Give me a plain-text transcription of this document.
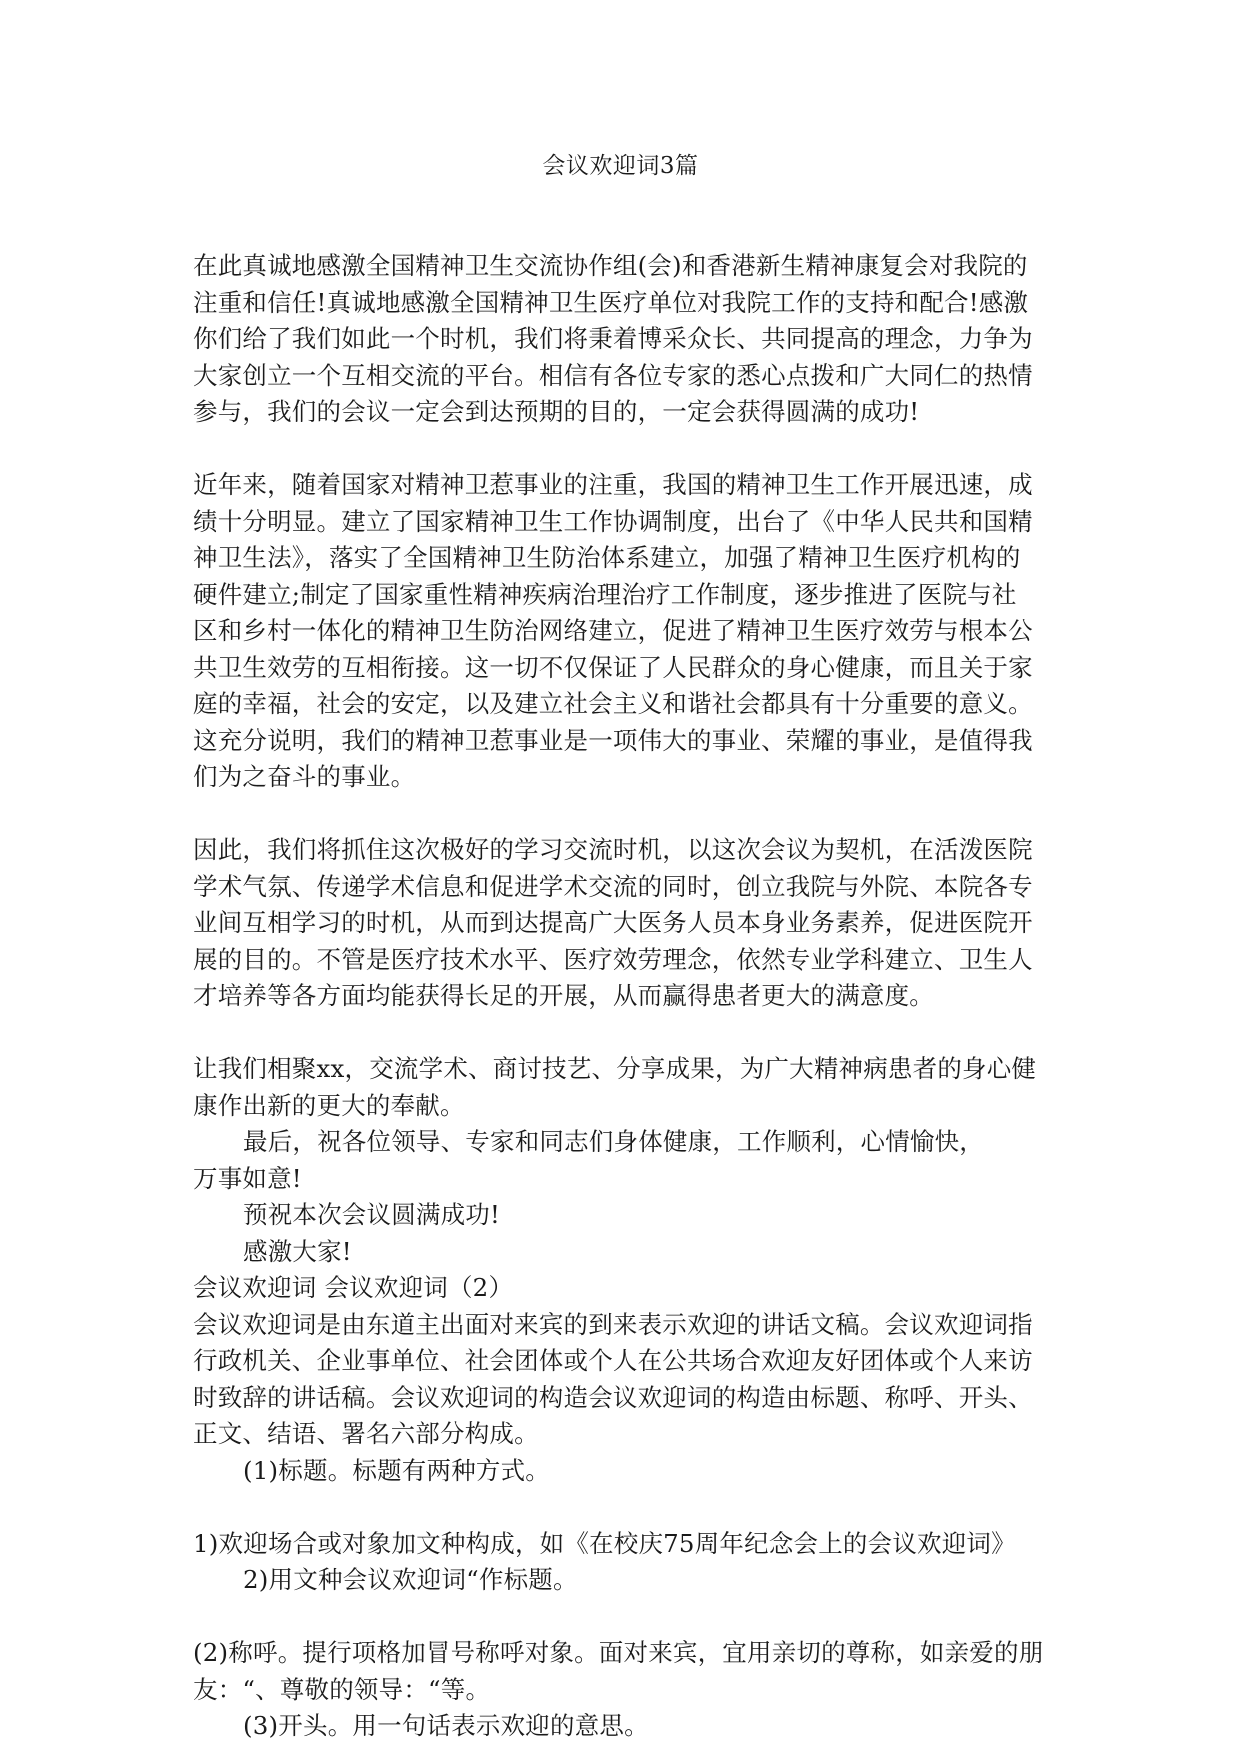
会议欢迎词3篇
在此真诚地感激全国精神卫生交流协作组(会)和香港新生精神康复会对我院的
注重和信任!真诚地感激全国精神卫生医疗单位对我院工作的支持和配合!感激
你们给了我们如此一个时机，我们将秉着博采众长、共同提高的理念，力争为
大家创立一个互相交流的平台。相信有各位专家的悉心点拨和广大同仁的热情
参与，我们的会议一定会到达预期的目的，一定会获得圆满的成功!
近年来，随着国家对精神卫惹事业的注重，我国的精神卫生工作开展迅速，成
绩十分明显。建立了国家精神卫生工作协调制度，出台了《中华人民共和国精
神卫生法》，落实了全国精神卫生防治体系建立，加强了精神卫生医疗机构的
硬件建立;制定了国家重性精神疾病治理治疗工作制度，逐步推进了医院与社
区和乡村一体化的精神卫生防治网络建立，促进了精神卫生医疗效劳与根本公
共卫生效劳的互相衔接。这一切不仅保证了人民群众的身心健康，而且关于家
庭的幸福，社会的安定，以及建立社会主义和谐社会都具有十分重要的意义。
这充分说明，我们的精神卫惹事业是一项伟大的事业、荣耀的事业，是值得我
们为之奋斗的事业。
因此，我们将抓住这次极好的学习交流时机，以这次会议为契机，在活泼医院
学术气氛、传递学术信息和促进学术交流的同时，创立我院与外院、本院各专
业间互相学习的时机，从而到达提高广大医务人员本身业务素养，促进医院开
展的目的。不管是医疗技术水平、医疗效劳理念，依然专业学科建立、卫生人
才培养等各方面均能获得长足的开展，从而赢得患者更大的满意度。
让我们相聚xx，交流学术、商讨技艺、分享成果，为广大精神病患者的身心健
康作出新的更大的奉献。
最后，祝各位领导、专家和同志们身体健康，工作顺利，心情愉快，
万事如意!
预祝本次会议圆满成功!
感激大家!
会议欢迎词 会议欢迎词（2）
会议欢迎词是由东道主出面对来宾的到来表示欢迎的讲话文稿。会议欢迎词指
行政机关、企业事单位、社会团体或个人在公共场合欢迎友好团体或个人来访
时致辞的讲话稿。会议欢迎词的构造会议欢迎词的构造由标题、称呼、开头、
正文、结语、署名六部分构成。
(1)标题。标题有两种方式。
1)欢迎场合或对象加文种构成，如《在校庆75周年纪念会上的会议欢迎词》
2)用文种会议欢迎词“作标题。
(2)称呼。提行项格加冒号称呼对象。面对来宾，宜用亲切的尊称，如亲爱的朋
友：“、尊敬的领导：“等。
(3)开头。用一句话表示欢迎的意思。
